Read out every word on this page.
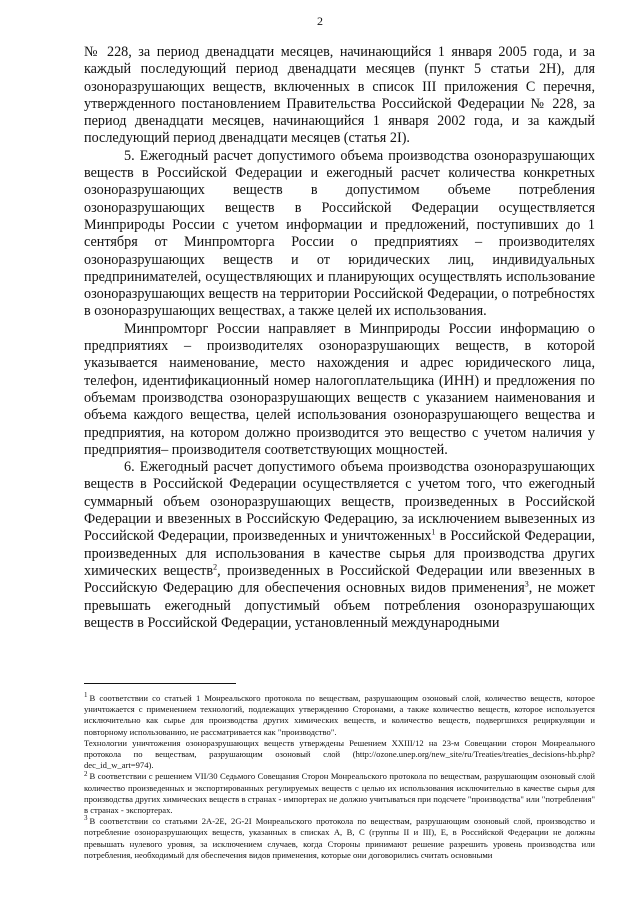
2

№ 228, за период двенадцати месяцев, начинающийся 1 января 2005 года, и за каждый последующий период двенадцати месяцев (пункт 5 статьи 2Н), для озоноразрушающих веществ, включенных в список III приложения С перечня, утвержденного постановлением Правительства Российской Федерации № 228, за период двенадцати месяцев, начинающийся 1 января 2002 года, и за каждый последующий период двенадцати месяцев (статья 2I).

5. Ежегодный расчет допустимого объема производства озоноразрушающих веществ в Российской Федерации и ежегодный расчет количества конкретных озоноразрушающих веществ в допустимом объеме потребления озоноразрушающих веществ в Российской Федерации осуществляется Минприроды России с учетом информации и предложений, поступивших до 1 сентября от Минпромторга России о предприятиях – производителях озоноразрушающих веществ и от юридических лиц, индивидуальных предпринимателей, осуществляющих и планирующих осуществлять использование озоноразрушающих веществ на территории Российской Федерации, о потребностях в озоноразрушающих веществах, а также целей их использования.

Минпромторг России направляет в Минприроды России информацию о предприятиях – производителях озоноразрушающих веществ, в которой указывается наименование, место нахождения и адрес юридического лица, телефон, идентификационный номер налогоплательщика (ИНН) и предложения по объемам производства озоноразрушающих веществ с указанием наименования и объема каждого вещества, целей использования озоноразрушающего вещества и предприятия, на котором должно производится это вещество с учетом наличия у предприятия– производителя соответствующих мощностей.

6. Ежегодный расчет допустимого объема производства озоноразрушающих веществ в Российской Федерации осуществляется с учетом того, что ежегодный суммарный объем озоноразрушающих веществ, произведенных в Российской Федерации и ввезенных в Российскую Федерацию, за исключением вывезенных из Российской Федерации, произведенных и уничтоженных$^1$ в Российской Федерации, произведенных для использования в качестве сырья для производства других химических веществ$^2$, произведенных в Российской Федерации или ввезенных в Российскую Федерацию для обеспечения основных видов применения$^3$, не может превышать ежегодный допустимый объем потребления озоноразрушающих веществ в Российской Федерации, установленный международными

$^1$ В соответствии со статьей 1 Монреальского протокола по веществам, разрушающим озоновый слой, количество веществ, которое уничтожается с применением технологий, подлежащих утверждению Сторонами, а также количество веществ, которое используется исключительно как сырье для производства других химических веществ, и количество веществ, подвергшихся рециркуляции и повторному использованию, не рассматривается как "производство".

Технологии уничтожения озоноразрушающих веществ утверждены Решением XXIII/12 на 23-м Совещании сторон Монреального протокола по веществам, разрушающим озоновый слой (http://ozone.unep.org/new_site/ru/Treaties/treaties_decisions-hb.php?dec_id_w_art=974).

$^2$ В соответствии с решением VII/30 Седьмого Совещания Сторон Монреальского протокола по веществам, разрушающим озоновый слой количество произведенных и экспортированных регулируемых веществ с целью их использования исключительно в качестве сырья для производства других химических веществ в странах - импортерах не должно учитываться при подсчете "производства" или "потребления" в странах - экспортерах.

$^3$ В соответствии со статьями 2А-2Е, 2G-2I Монреальского протокола по веществам, разрушающим озоновый слой, производство и потребление озоноразрушающих веществ, указанных в списках А, В, С (группы II и III), Е, в Российской Федерации не должны превышать нулевого уровня, за исключением случаев, когда Стороны принимают решение разрешить уровень производства или потребления, необходимый для обеспечения видов применения, которые они договорились считать основными
